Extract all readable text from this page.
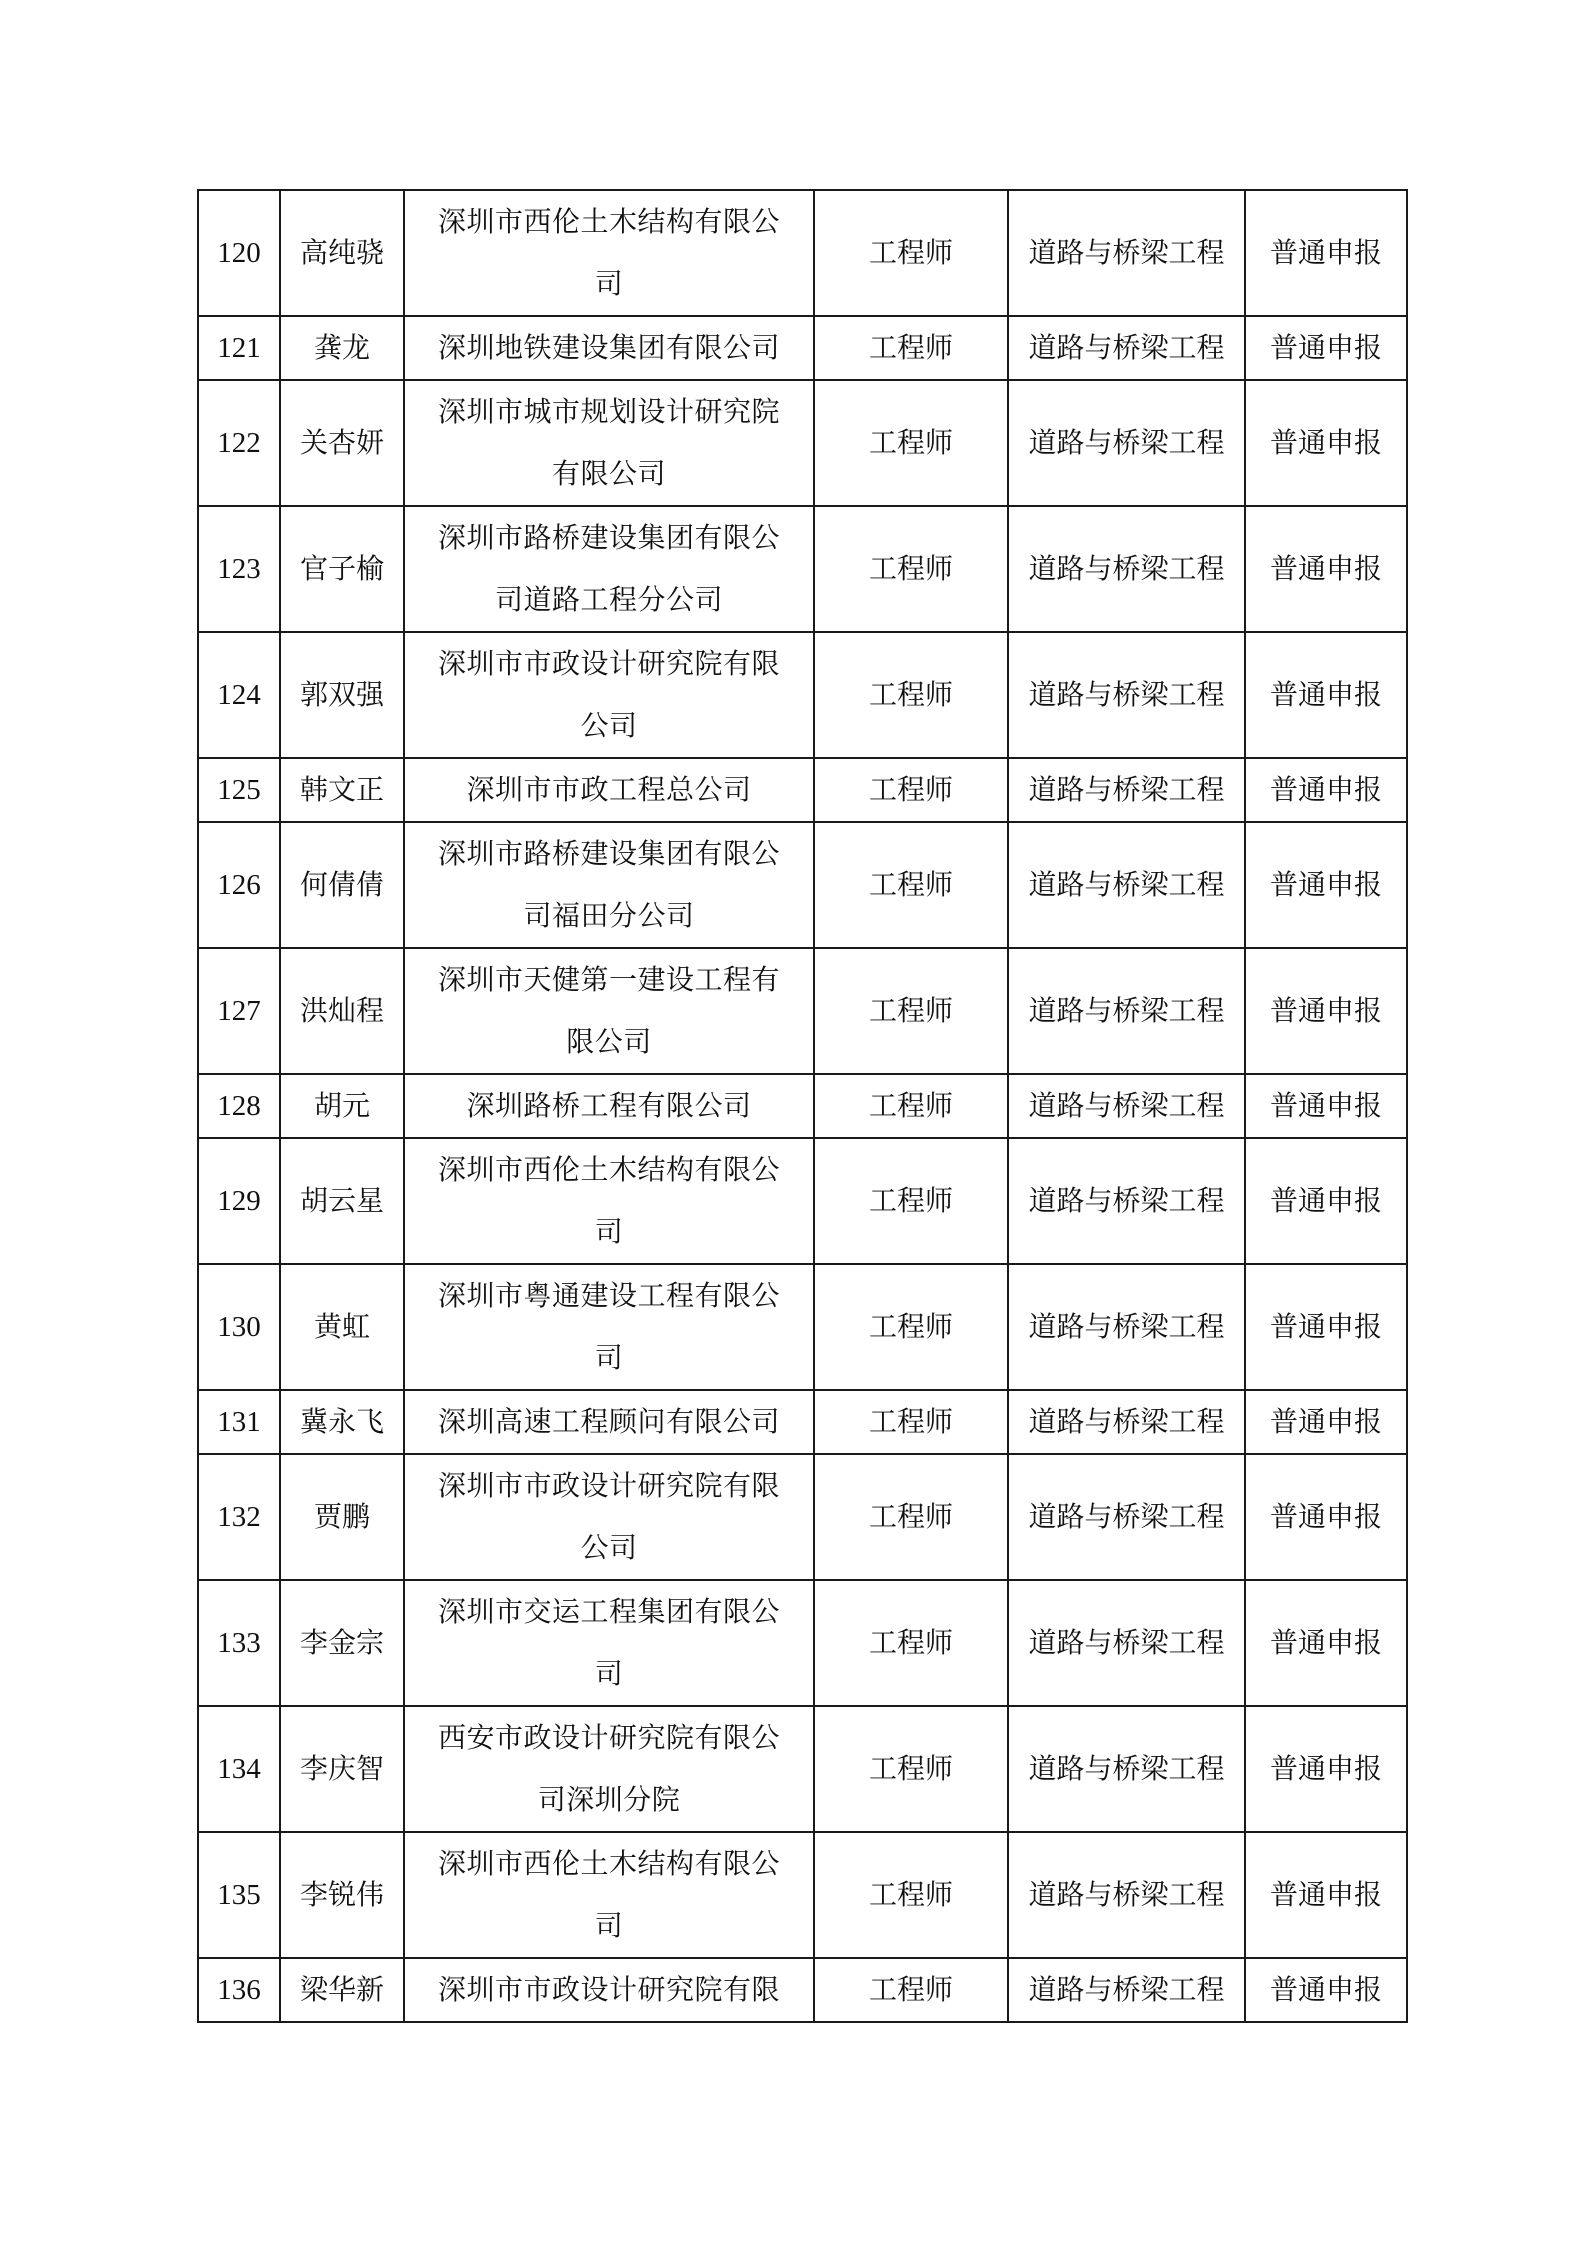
120	高纯骁	深圳市西伦土木结构有限公司	工程师	道路与桥梁工程	普通申报
121	龚龙	深圳地铁建设集团有限公司	工程师	道路与桥梁工程	普通申报
122	关杏妍	深圳市城市规划设计研究院有限公司	工程师	道路与桥梁工程	普通申报
123	官子榆	深圳市路桥建设集团有限公司道路工程分公司	工程师	道路与桥梁工程	普通申报
124	郭双强	深圳市市政设计研究院有限公司	工程师	道路与桥梁工程	普通申报
125	韩文正	深圳市市政工程总公司	工程师	道路与桥梁工程	普通申报
126	何倩倩	深圳市路桥建设集团有限公司福田分公司	工程师	道路与桥梁工程	普通申报
127	洪灿程	深圳市天健第一建设工程有限公司	工程师	道路与桥梁工程	普通申报
128	胡元	深圳路桥工程有限公司	工程师	道路与桥梁工程	普通申报
129	胡云星	深圳市西伦土木结构有限公司	工程师	道路与桥梁工程	普通申报
130	黄虹	深圳市粤通建设工程有限公司	工程师	道路与桥梁工程	普通申报
131	冀永飞	深圳高速工程顾问有限公司	工程师	道路与桥梁工程	普通申报
132	贾鹏	深圳市市政设计研究院有限公司	工程师	道路与桥梁工程	普通申报
133	李金宗	深圳市交运工程集团有限公司	工程师	道路与桥梁工程	普通申报
134	李庆智	西安市政设计研究院有限公司深圳分院	工程师	道路与桥梁工程	普通申报
135	李锐伟	深圳市西伦土木结构有限公司	工程师	道路与桥梁工程	普通申报
136	梁华新	深圳市市政设计研究院有限	工程师	道路与桥梁工程	普通申报
